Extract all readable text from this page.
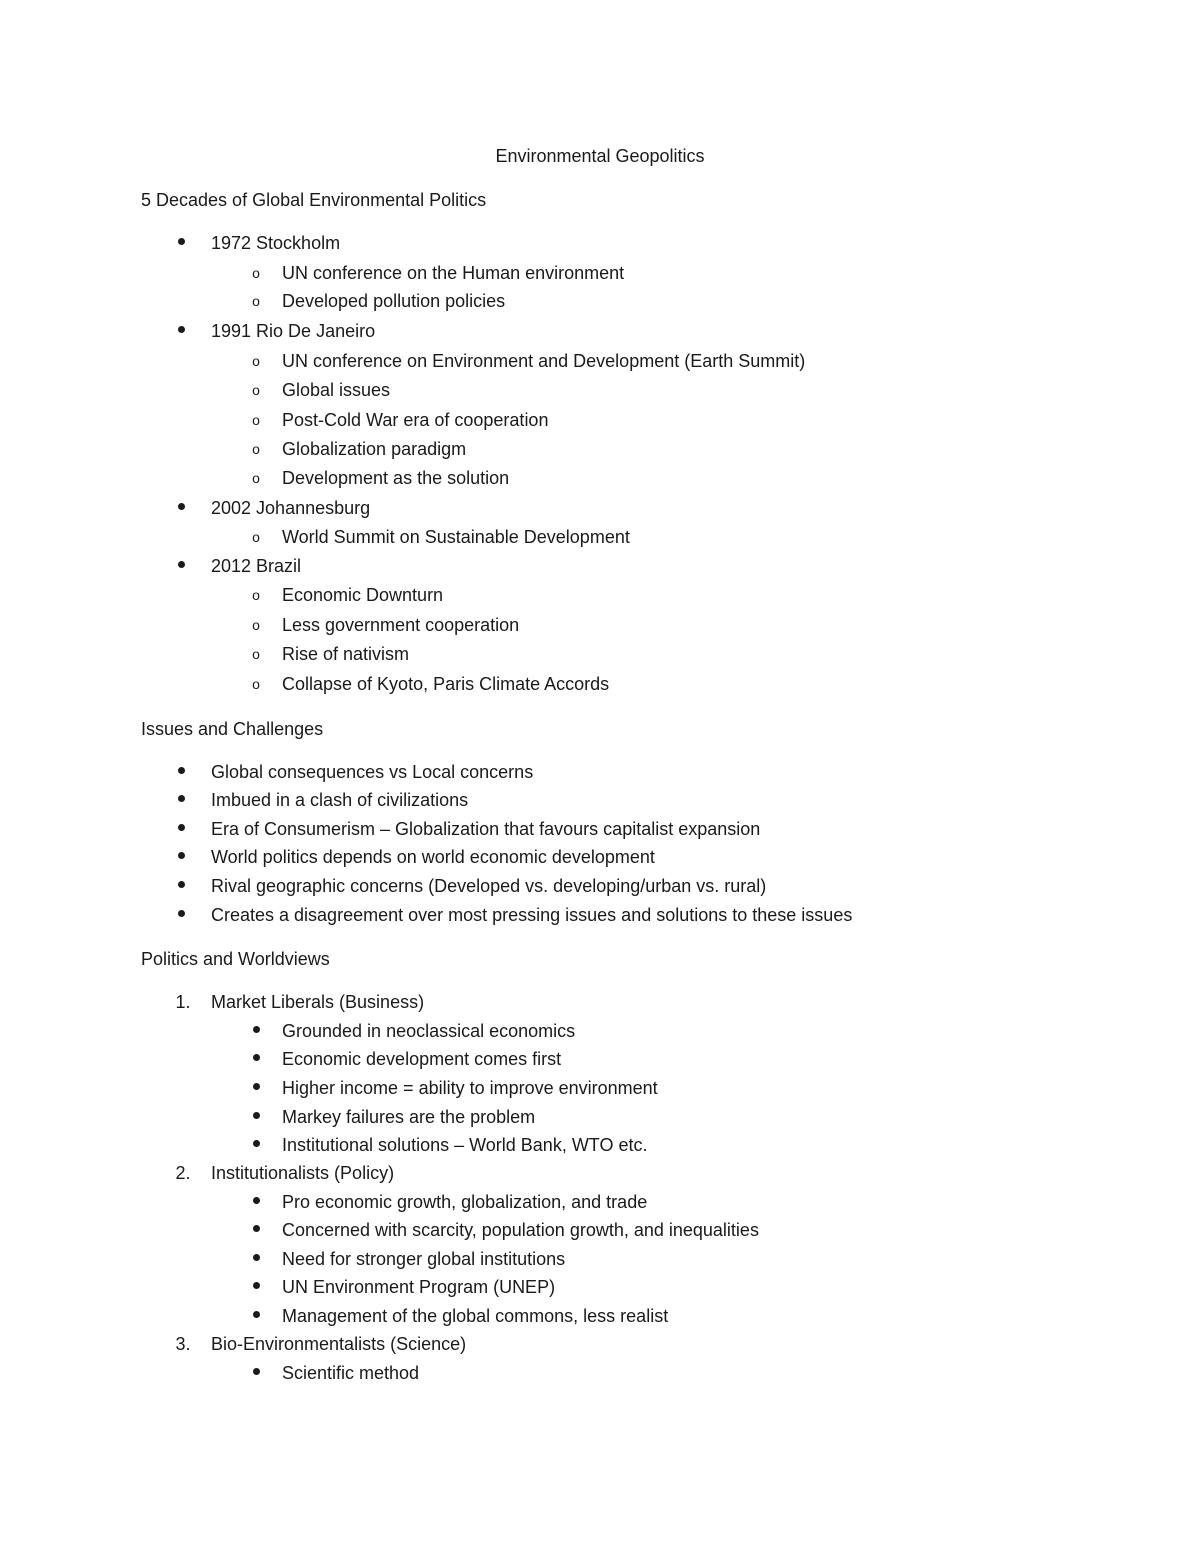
Environmental Geopolitics
5 Decades of Global Environmental Politics
1972 Stockholm
o	UN conference on the Human environment
o	Developed pollution policies
1991 Rio De Janeiro
o	UN conference on Environment and Development (Earth Summit)
o	Global issues
o	Post-Cold War era of cooperation
o	Globalization paradigm
o	Development as the solution
2002 Johannesburg
o	World Summit on Sustainable Development
2012 Brazil
o	Economic Downturn
o	Less government cooperation
o	Rise of nativism
o	Collapse of Kyoto, Paris Climate Accords
Issues and Challenges
Global consequences vs Local concerns
Imbued in a clash of civilizations
Era of Consumerism – Globalization that favours capitalist expansion
World politics depends on world economic development
Rival geographic concerns (Developed vs. developing/urban vs. rural)
Creates a disagreement over most pressing issues and solutions to these issues
Politics and Worldviews
1.	Market Liberals (Business)
Grounded in neoclassical economics
Economic development comes first
Higher income = ability to improve environment
Markey failures are the problem
Institutional solutions – World Bank, WTO etc.
2.	Institutionalists (Policy)
Pro economic growth, globalization, and trade
Concerned with scarcity, population growth, and inequalities
Need for stronger global institutions
UN Environment Program (UNEP)
Management of the global commons, less realist
3.	Bio-Environmentalists (Science)
Scientific method
